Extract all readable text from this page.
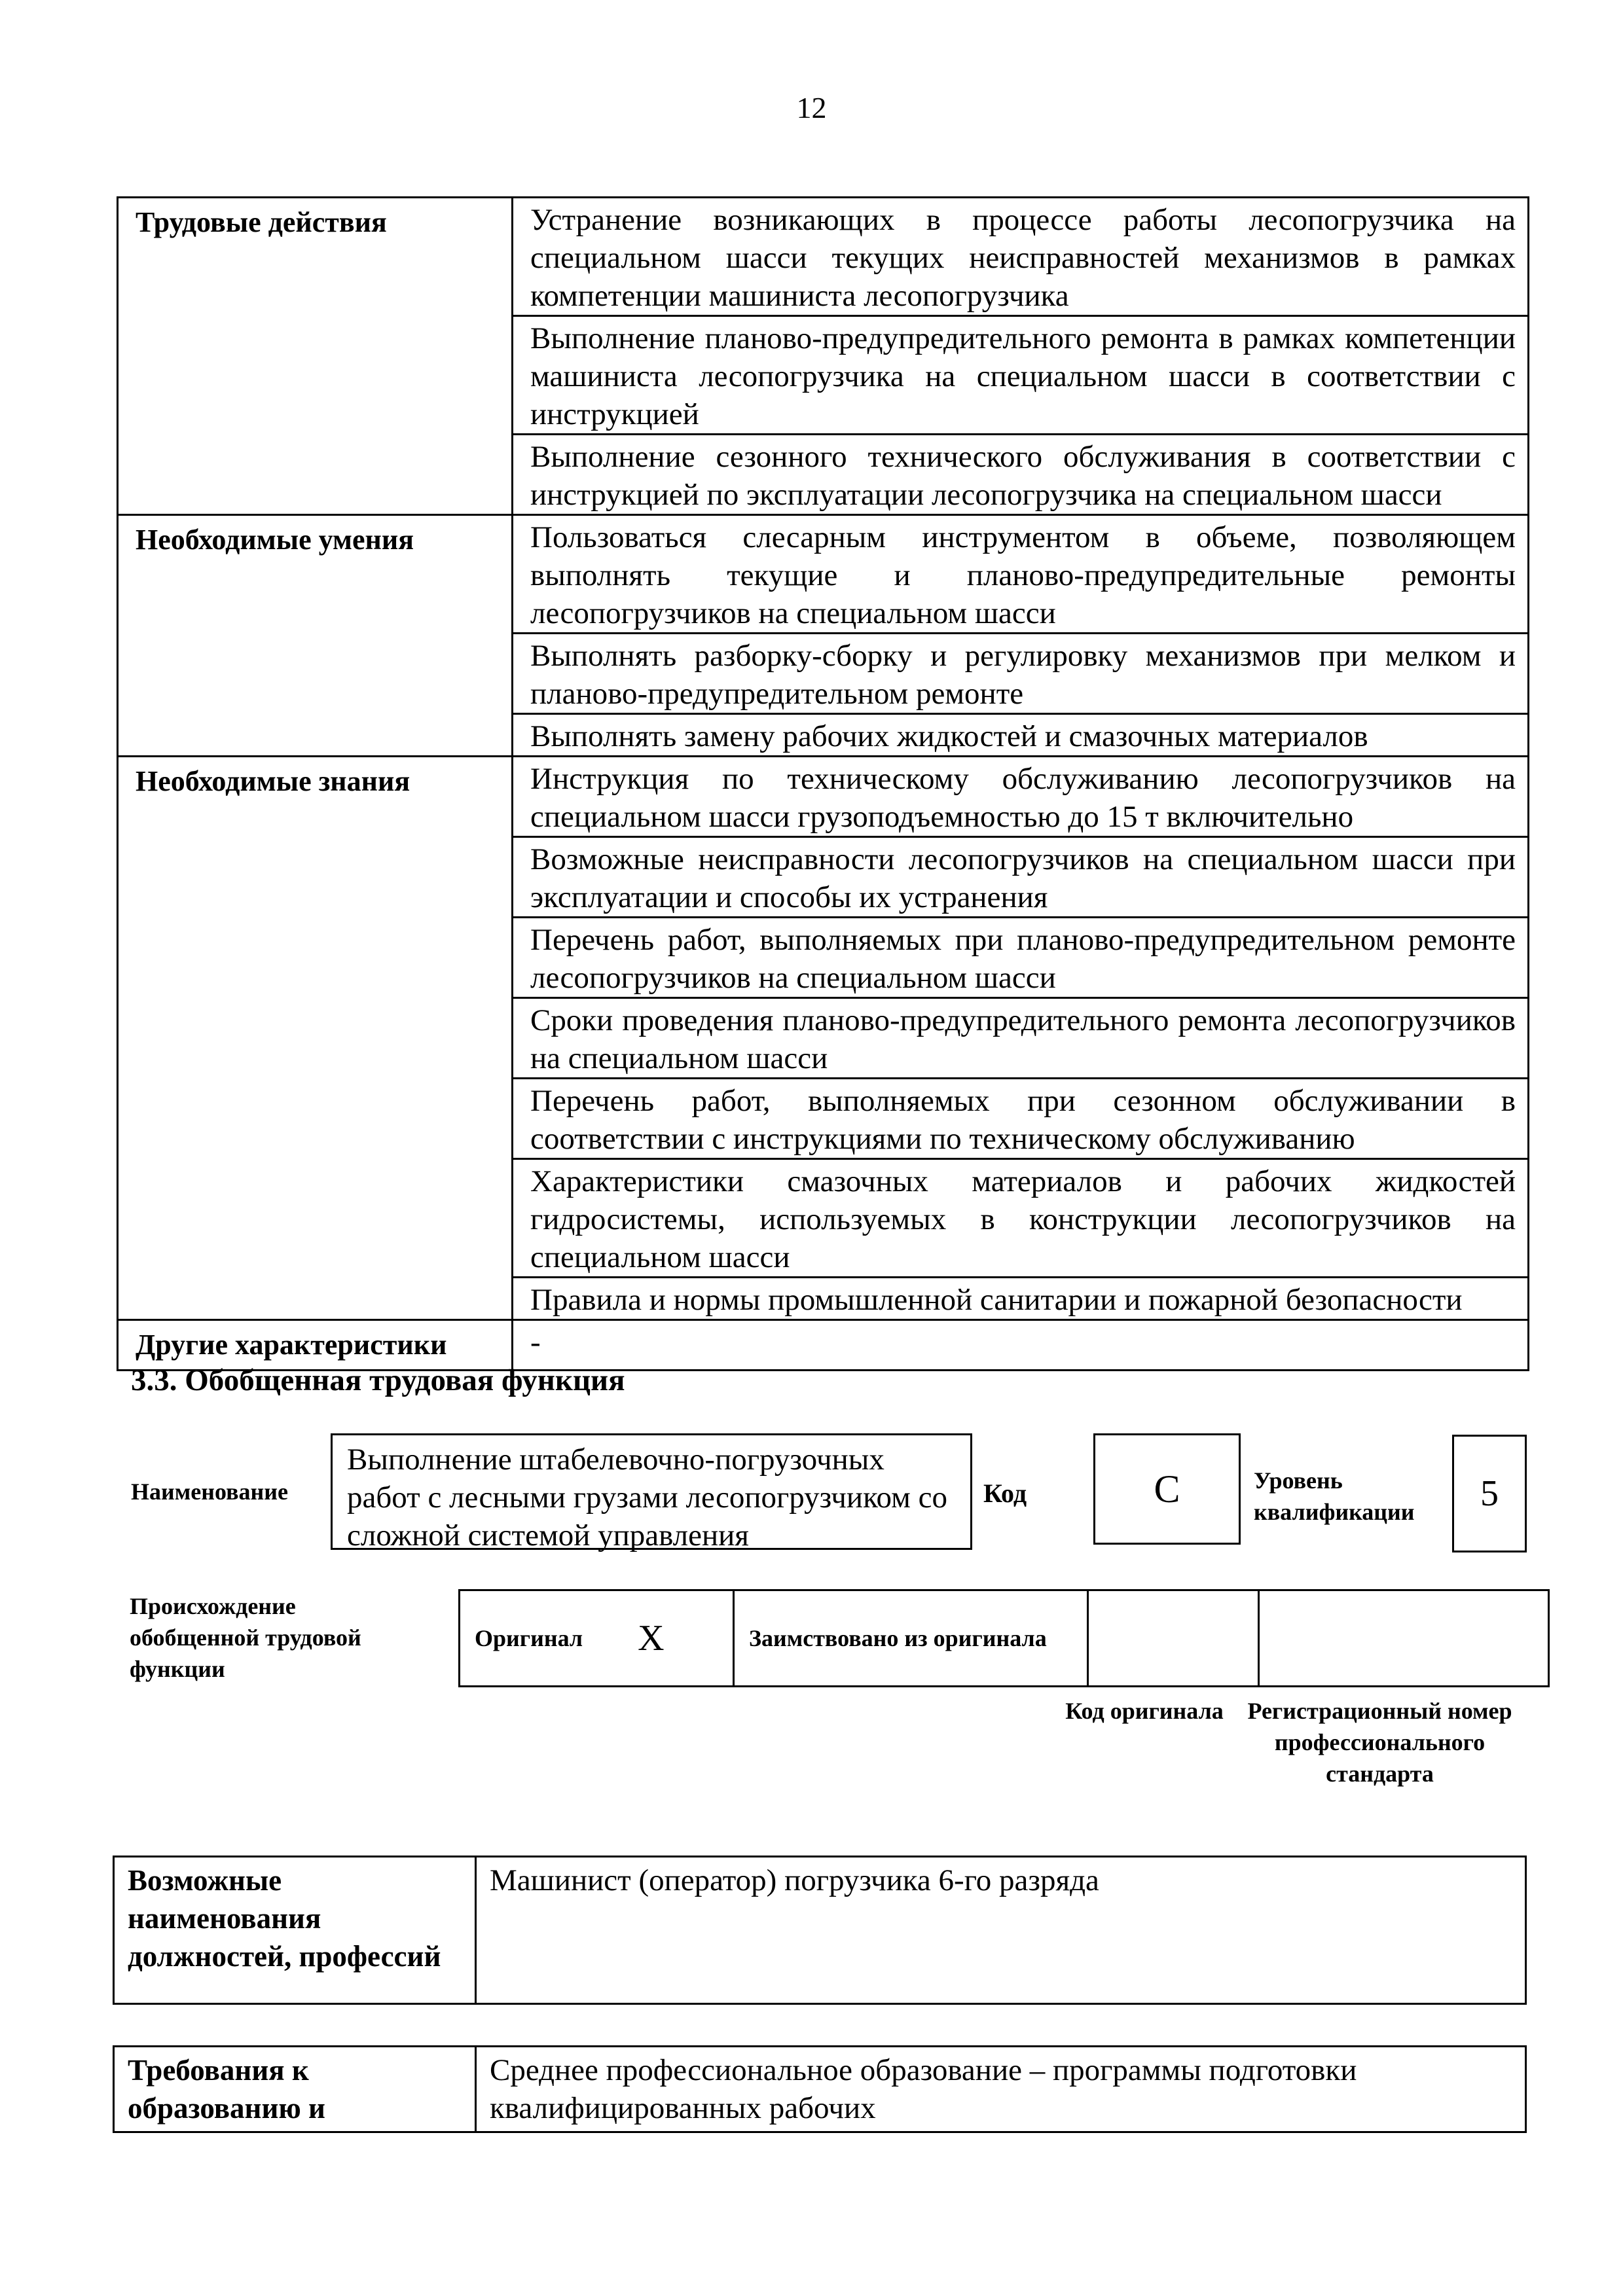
12
Трудовые действия	Устранение возникающих в процессе работы лесопогрузчика на специальном шасси текущих неисправностей механизмов в рамках компетенции машиниста лесопогрузчика
	Выполнение планово-предупредительного ремонта в рамках компетенции машиниста лесопогрузчика на специальном шасси в соответствии с инструкцией
	Выполнение сезонного технического обслуживания в соответствии с инструкцией по эксплуатации лесопогрузчика на специальном шасси
Необходимые умения	Пользоваться слесарным инструментом в объеме, позволяющем выполнять текущие и планово-предупредительные ремонты лесопогрузчиков на специальном шасси
	Выполнять разборку-сборку и регулировку механизмов при мелком и планово-предупредительном ремонте
	Выполнять замену рабочих жидкостей и смазочных материалов
Необходимые знания	Инструкция по техническому обслуживанию лесопогрузчиков на специальном шасси грузоподъемностью до 15 т включительно
	Возможные неисправности лесопогрузчиков на специальном шасси при эксплуатации и способы их устранения
	Перечень работ, выполняемых при планово-предупредительном ремонте лесопогрузчиков на специальном шасси
	Сроки проведения планово-предупредительного ремонта лесопогрузчиков на специальном шасси
	Перечень работ, выполняемых при сезонном обслуживании в соответствии с инструкциями по техническому обслуживанию
	Характеристики смазочных материалов и рабочих жидкостей гидросистемы, используемых в конструкции лесопогрузчиков на специальном шасси
	Правила и нормы промышленной санитарии и пожарной безопасности
Другие характеристики	-
3.3. Обобщенная трудовая функция
Наименование
Выполнение штабелевочно-погрузочных работ с лесными грузами лесопогрузчиком со сложной системой управления
Код	С	Уровень квалификации	5
Происхождение обобщенной трудовой функции
Оригинал X	Заимствовано из оригинала		
Код оригинала	Регистрационный номер профессионального стандарта
Возможные наименования должностей, профессий	Машинист (оператор) погрузчика 6-го разряда
Требования к образованию и	Среднее профессиональное образование – программы подготовки квалифицированных рабочих
